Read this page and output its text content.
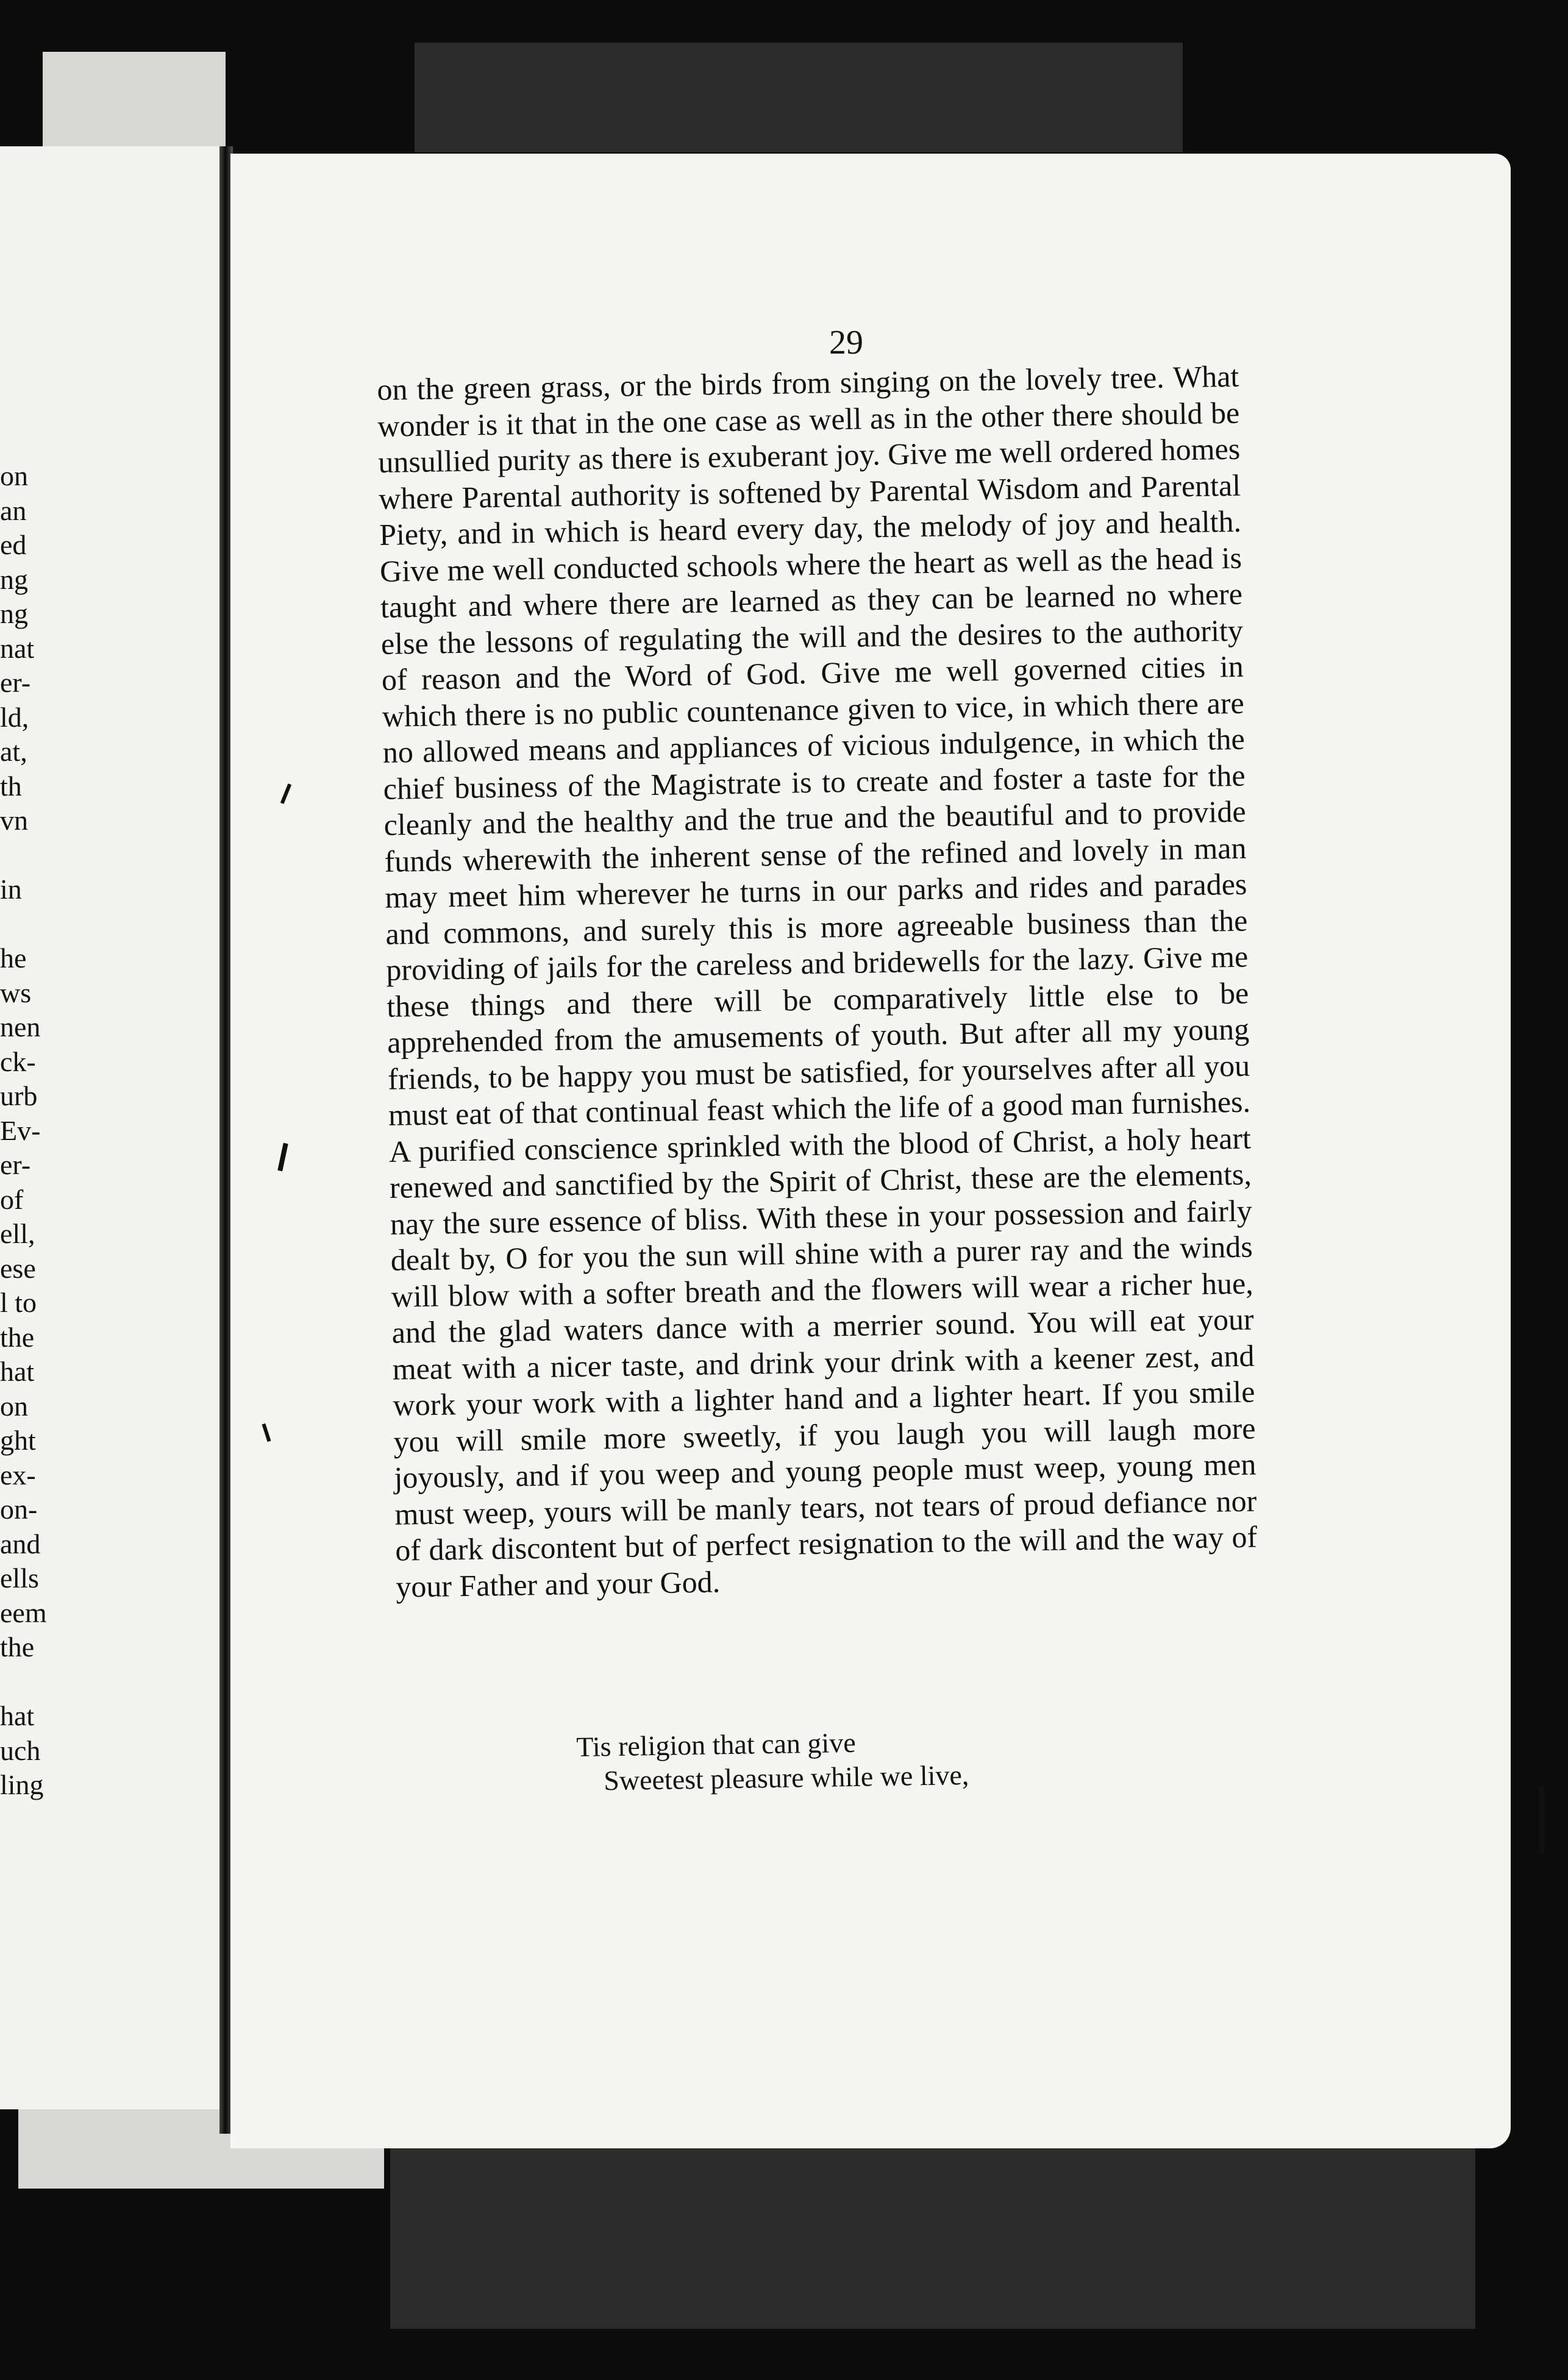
on
an
ed
ng
ng
nat
er-
ld,
at,
th
vn

in

he
ws
nen
ck-
urb
Ev-
er-
of
ell,
ese
l to
the
hat
on
ght
ex-
on-
and
ells
eem
the

hat
uch
ling

29

on the green grass, or the birds from singing on the lovely tree. What wonder is it that in the one case as well as in the other there should be unsullied purity as there is exuberant joy. Give me well ordered homes where Parental authority is softened by Parental Wisdom and Parental Piety, and in which is heard every day, the melody of joy and health. Give me well conducted schools where the heart as well as the head is taught and where there are learned as they can be learned no where else the lessons of regulating the will and the desires to the authority of reason and the Word of God. Give me well governed cities in which there is no public countenance given to vice, in which there are no allowed means and appliances of vicious indulgence, in which the chief business of the Magistrate is to create and foster a taste for the cleanly and the healthy and the true and the beautiful and to provide funds wherewith the inherent sense of the refined and lovely in man may meet him wherever he turns in our parks and rides and parades and commons, and surely this is more agreeable business than the providing of jails for the careless and bridewells for the lazy. Give me these things and there will be comparatively little else to be apprehended from the amusements of youth. But after all my young friends, to be happy you must be satisfied, for yourselves after all you must eat of that continual feast which the life of a good man furnishes. A purified conscience sprinkled with the blood of Christ, a holy heart renewed and sanctified by the Spirit of Christ, these are the elements, nay the sure essence of bliss. With these in your possession and fairly dealt by, O for you the sun will shine with a purer ray and the winds will blow with a softer breath and the flowers will wear a richer hue, and the glad waters dance with a merrier sound. You will eat your meat with a nicer taste, and drink your drink with a keener zest, and work your work with a lighter hand and a lighter heart. If you smile you will smile more sweetly, if you laugh you will laugh more joyously, and if you weep and young people must weep, young men must weep, yours will be manly tears, not tears of proud defiance nor of dark discontent but of perfect resignation to the will and the way of your Father and your God.

Tis religion that can give
Sweetest pleasure while we live,
